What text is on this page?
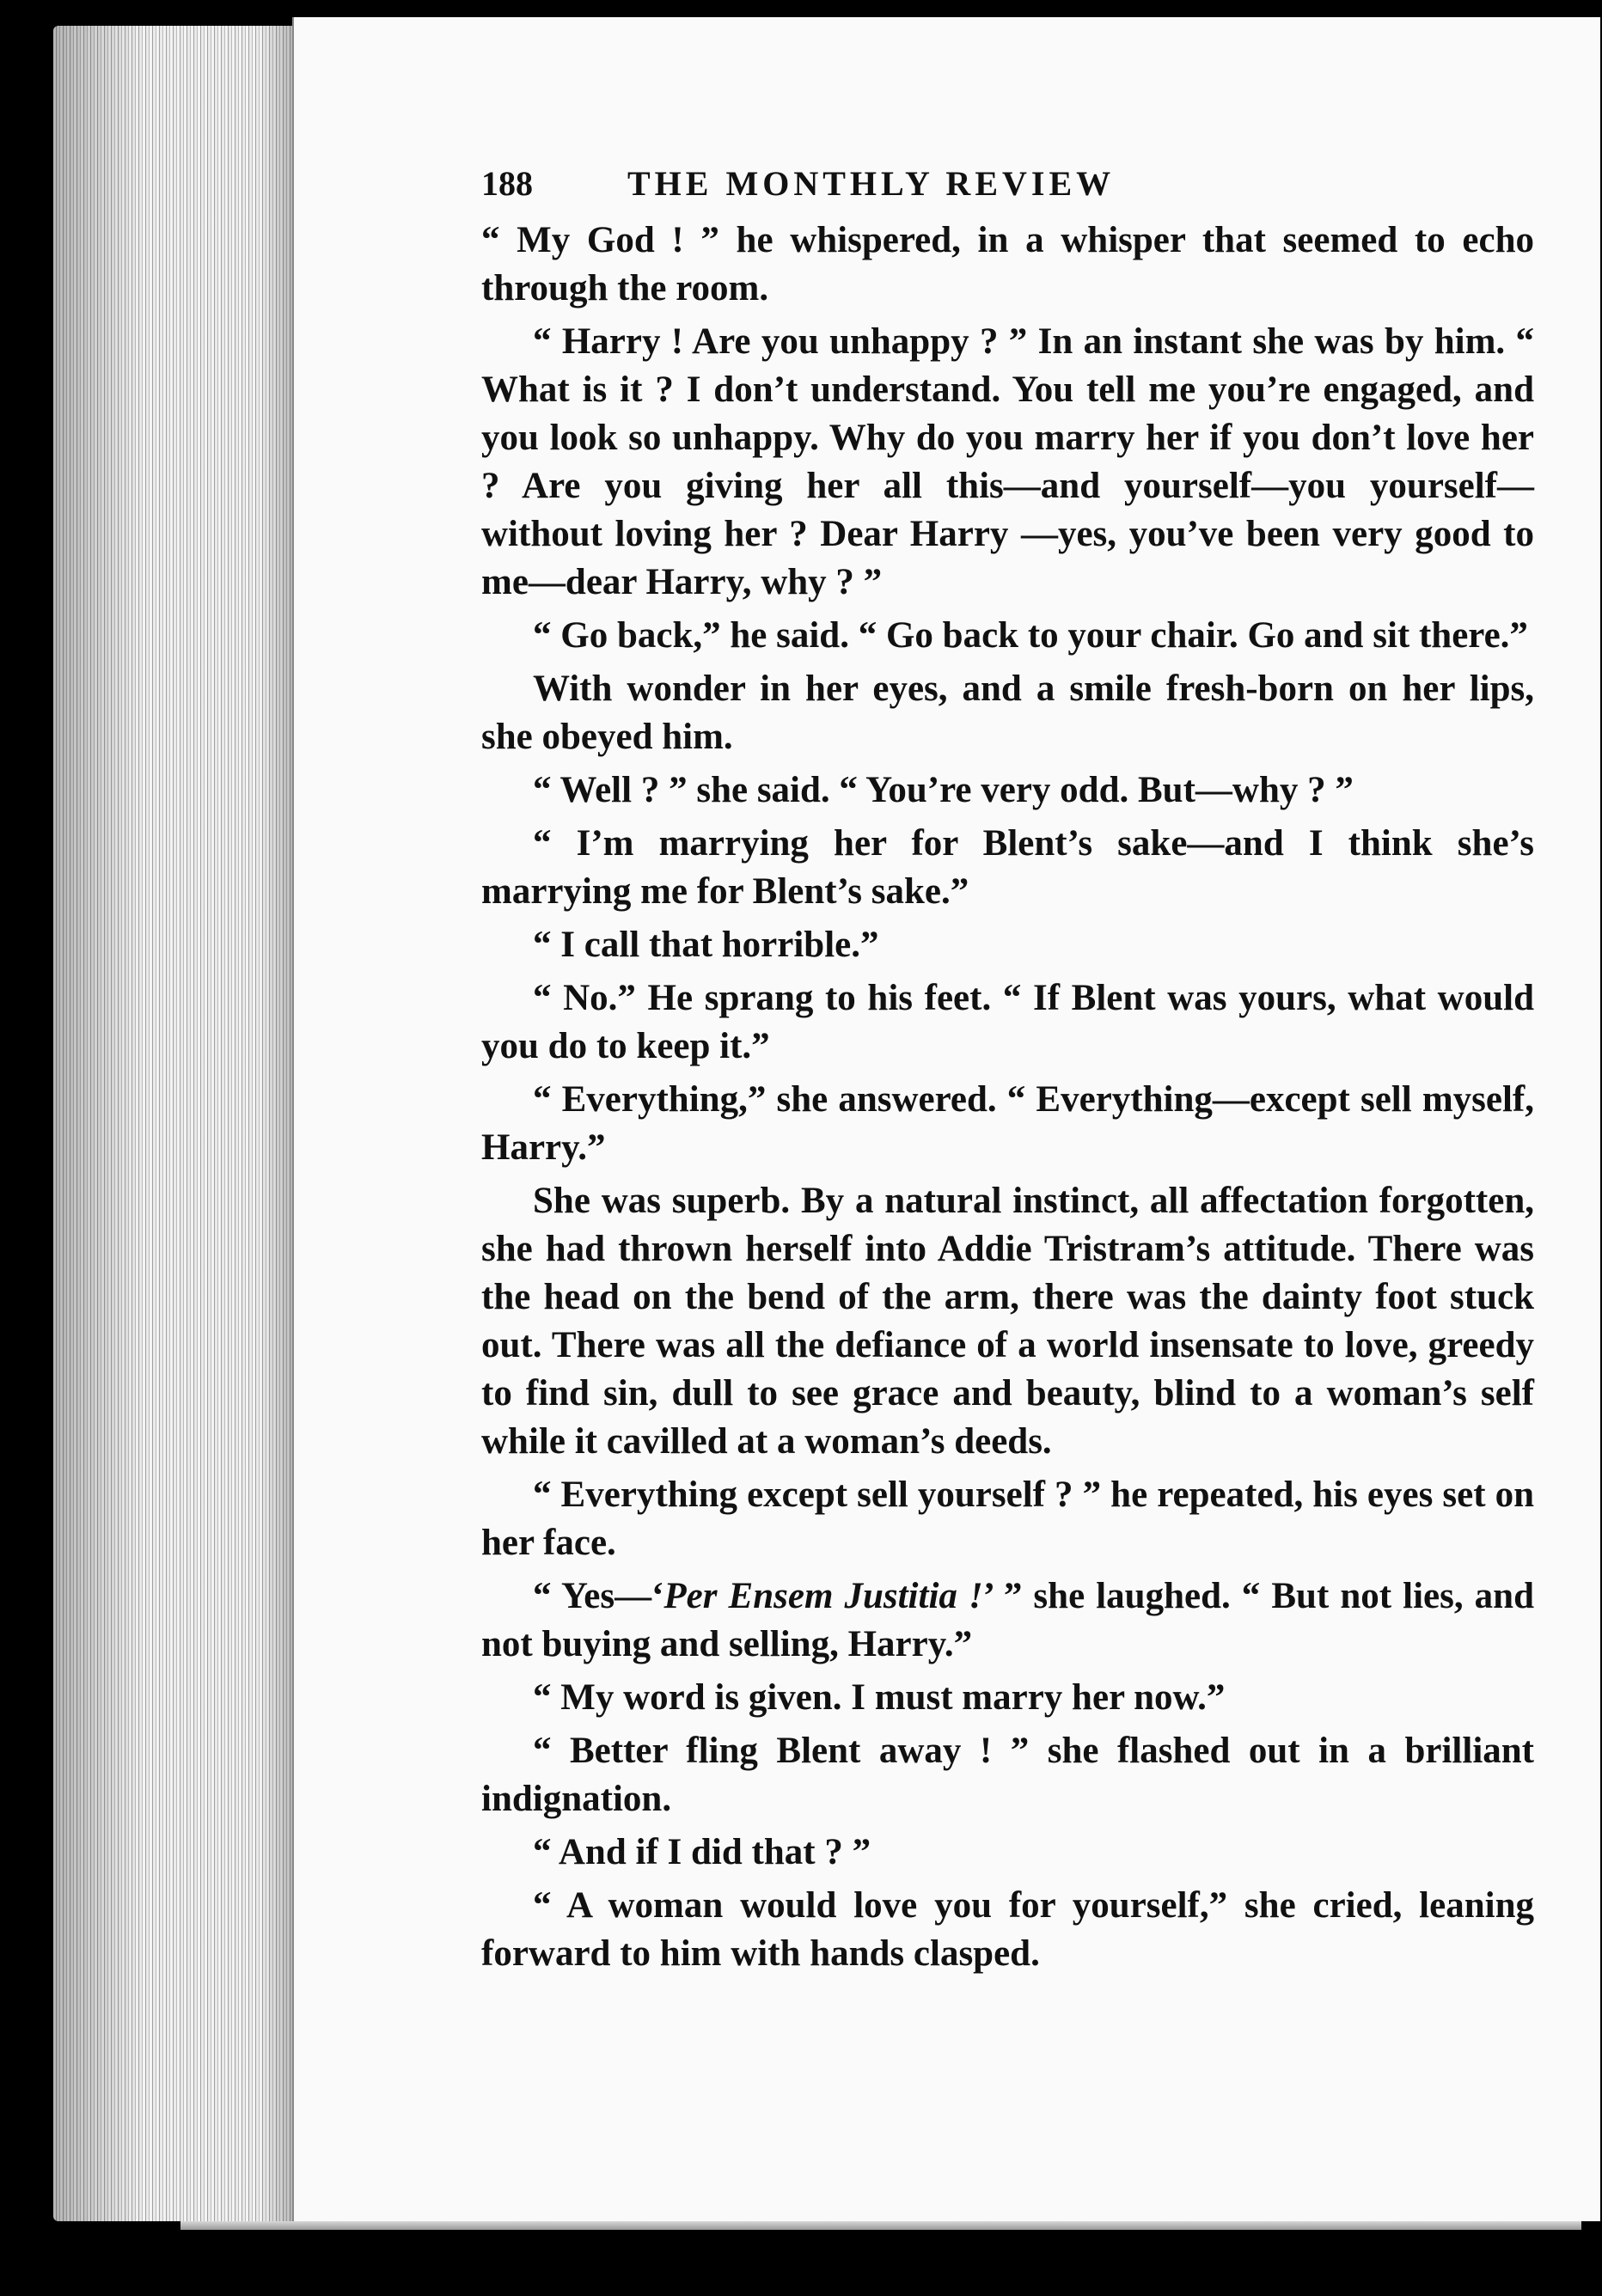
188	THE MONTHLY REVIEW

“ My God ! ” he whispered, in a whisper that seemed to echo through the room.

“ Harry ! Are you unhappy ? ” In an instant she was by him. “ What is it ? I don’t understand. You tell me you’re engaged, and you look so unhappy. Why do you marry her if you don’t love her ? Are you giving her all this—and yourself—you yourself—without loving her ? Dear Harry —yes, you’ve been very good to me—dear Harry, why ? ”

“ Go back,” he said. “ Go back to your chair. Go and sit there.”

With wonder in her eyes, and a smile fresh-born on her lips, she obeyed him.

“ Well ? ” she said. “ You’re very odd. But—why ? ”

“ I’m marrying her for Blent’s sake—and I think she’s marrying me for Blent’s sake.”

“ I call that horrible.”

“ No.” He sprang to his feet. “ If Blent was yours, what would you do to keep it.”

“ Everything,” she answered. “ Everything—except sell myself, Harry.”

She was superb. By a natural instinct, all affectation forgotten, she had thrown herself into Addie Tristram’s attitude. There was the head on the bend of the arm, there was the dainty foot stuck out. There was all the defiance of a world insensate to love, greedy to find sin, dull to see grace and beauty, blind to a woman’s self while it cavilled at a woman’s deeds.

“ Everything except sell yourself ? ” he repeated, his eyes set on her face.

“ Yes—‘Per Ensem Justitia !’ ” she laughed. “ But not lies, and not buying and selling, Harry.”

“ My word is given. I must marry her now.”

“ Better fling Blent away ! ” she flashed out in a brilliant indignation.

“ And if I did that ? ”

“ A woman would love you for yourself,” she cried, leaning forward to him with hands clasped.
